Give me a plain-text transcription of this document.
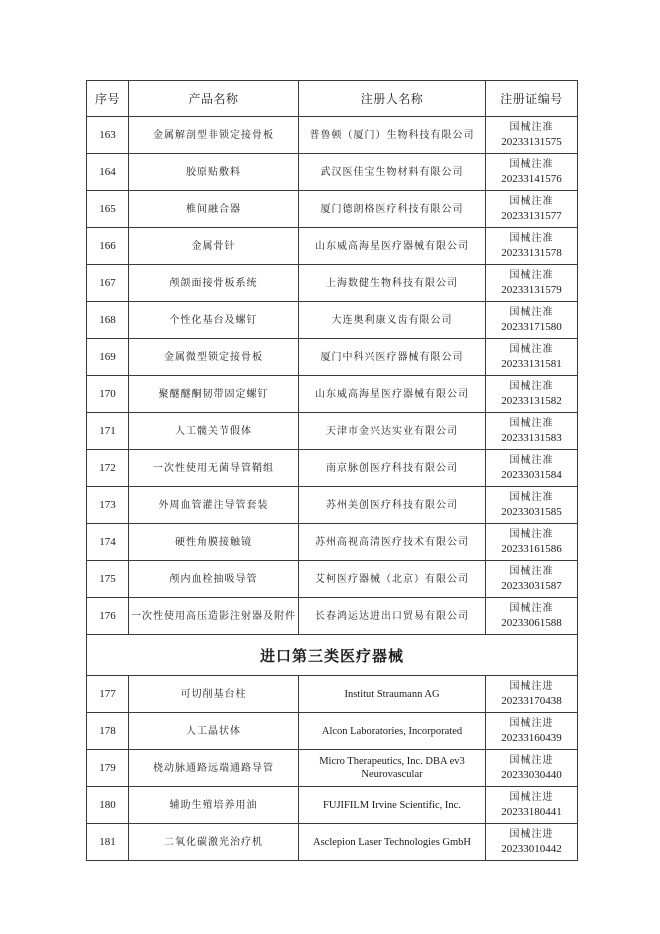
序号	产品名称	注册人名称	注册证编号
163	金属解剖型非锁定接骨板	普鲁顿（厦门）生物科技有限公司	国械注准
20233131575

164	胶原贴敷料	武汉医佳宝生物材料有限公司	国械注准
20233141576

165	椎间融合器	厦门德朗格医疗科技有限公司	国械注准
20233131577

166	金属骨针	山东威高海星医疗器械有限公司	国械注准
20233131578

167	颅颌面接骨板系统	上海数健生物科技有限公司	国械注准
20233131579

168	个性化基台及螺钉	大连奥利康义齿有限公司	国械注准
20233171580

169	金属微型锁定接骨板	厦门中科兴医疗器械有限公司	国械注准
20233131581

170	聚醚醚酮韧带固定螺钉	山东威高海星医疗器械有限公司	国械注准
20233131582

171	人工髋关节假体	天津市金兴达实业有限公司	国械注准
20233131583

172	一次性使用无菌导管鞘组	南京脉创医疗科技有限公司	国械注准
20233031584

173	外周血管灌注导管套装	苏州美创医疗科技有限公司	国械注准
20233031585

174	硬性角膜接触镜	苏州高视高清医疗技术有限公司	国械注准
20233161586

175	颅内血栓抽吸导管	艾柯医疗器械（北京）有限公司	国械注准
20233031587

176	一次性使用高压造影注射器及附件	长春鸿运达进出口贸易有限公司	国械注准
20233061588

进口第三类医疗器械			
177	可切削基台柱	Institut Straumann AG	国械注进
20233170438

178	人工晶状体	Alcon Laboratories, Incorporated	国械注进
20233160439

179	桡动脉通路远端通路导管	Micro Therapeutics, Inc. DBA ev3 Neurovascular	国械注进
20233030440

180	辅助生殖培养用油	FUJIFILM Irvine Scientific, Inc.	国械注进
20233180441

181	二氧化碳激光治疗机	Asclepion Laser Technologies GmbH	国械注进
20233010442
